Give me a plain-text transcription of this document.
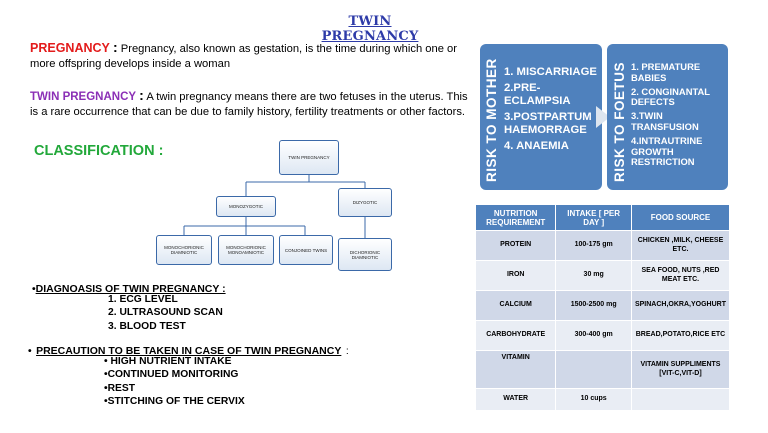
TWIN PREGNANCY
PREGNANCY : Pregnancy, also known as gestation, is the time during which one or more offspring develops inside a woman
TWIN PREGNANCY : A twin pregnancy means there are two fetuses in the uterus. This is a rare occurrence that can be due to family history, fertility treatments or other factors.
CLASSIFICATION :	TWIN PREGNANCY
MONOZYGOTIC
DIZYGOTIC
MONOCHORIONIC DIAMNIOTIC
MONOCHORIONIC MONOAMNIOTIC	CONJOINED TWINS	DICHORIONIC DIAMNIOTIC
•DIAGNOASIS OF TWIN PREGNANCY :
1. ECG LEVEL
2. ULTRASOUND SCAN
3. BLOOD TEST
• PRECAUTION TO BE TAKEN IN CASE OF TWIN PREGNANCY :
• HIGH NUTRIENT INTAKE
•CONTINUED MONITORING
•REST
•STITCHING OF THE CERVIX
RISK TO MOTHER 1. MISCARRIAGE
2.PRE-ECLAMPSIA
3.POSTPARTUM HAEMORRAGE
4. ANAEMIA	RISK TO FOETUS 1. PREMATURE BABIES
2. CONGINANTAL DEFECTS
3.TWIN TRANSFUSION
4.INTRAUTRINE GROWTH RESTRICTION
NUTRITION REQUIREMENT	INTAKE [ PER DAY ]	FOOD SOURCE
PROTEIN	100-175 gm	CHICKEN ,MILK, CHEESE ETC.
IRON	30 mg	SEA FOOD, NUTS ,RED MEAT ETC.
CALCIUM	1500-2500 mg	SPINACH,OKRA,YOGHURT
CARBOHYDRATE	300-400 gm	BREAD,POTATO,RICE ETC
VITAMIN		VITAMIN SUPPLIMENTS [VIT-C,VIT-D]
WATER	10 cups	
